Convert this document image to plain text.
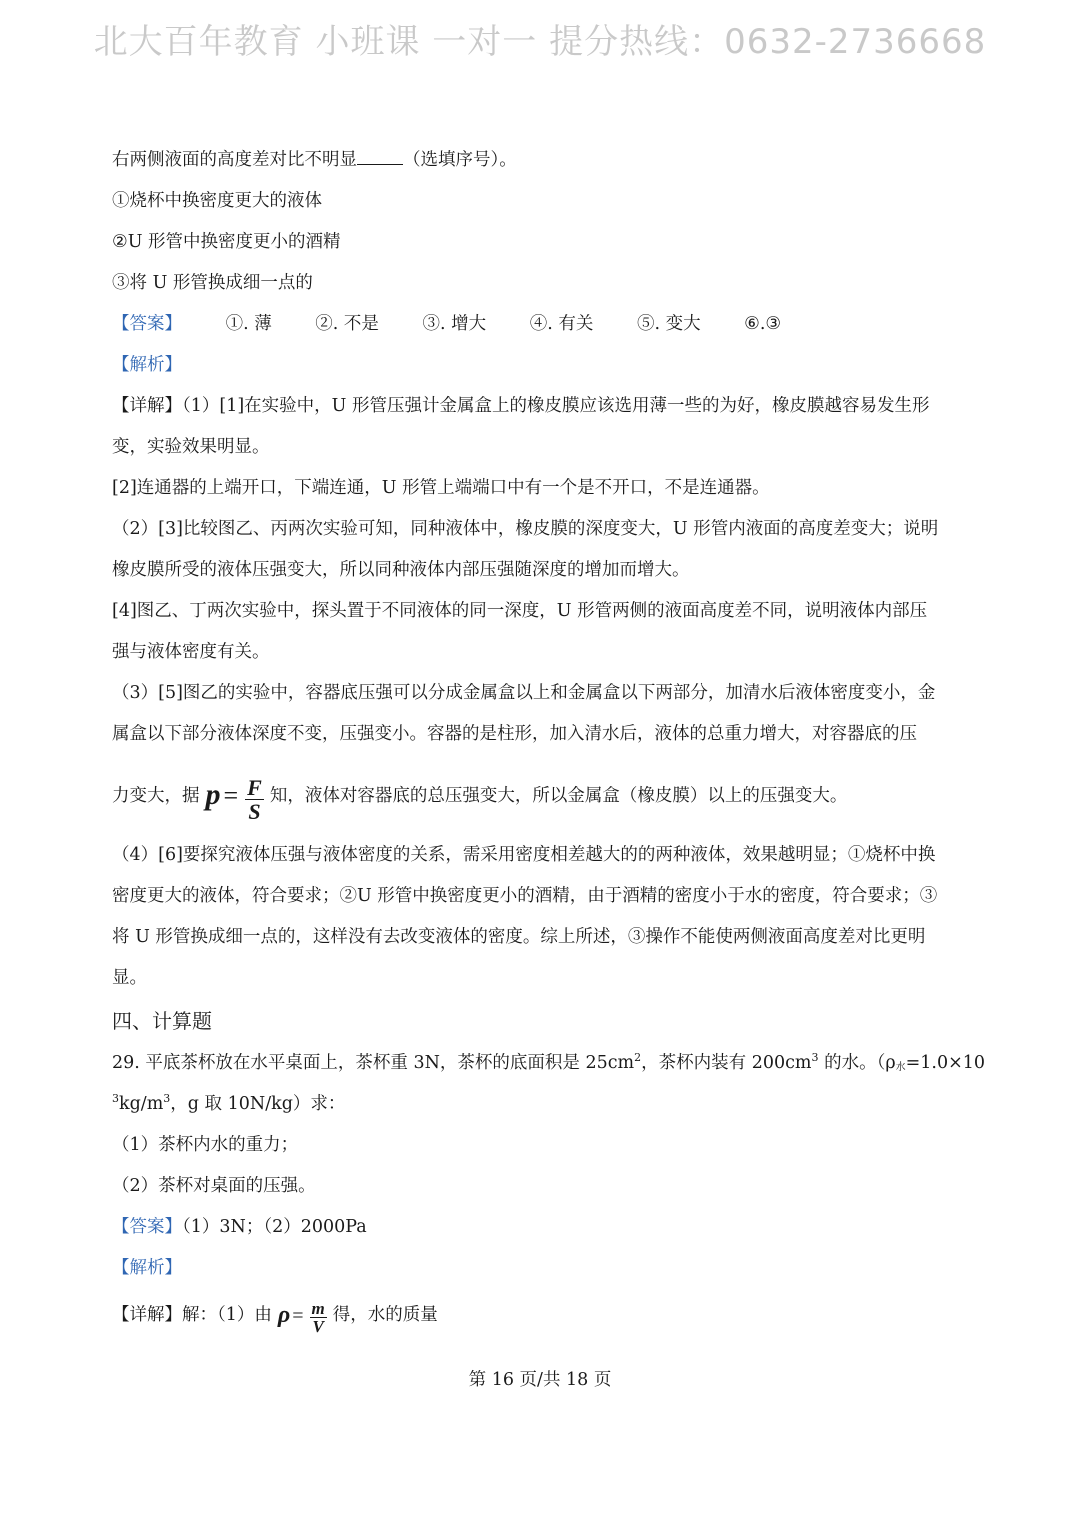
北大百年教育 小班课 一对一 提分热线：0632-2736668
右两侧液面的高度差对比不明显	（选填序号）。
①烧杯中换密度更大的液体
②U 形管中换密度更小的酒精
③将 U 形管换成细一点的
【答案】 ①. 薄 ②. 不是 ③. 增大 ④. 有关 ⑤. 变大 ⑥.③
【解析】
【详解】（1）[1]在实验中，U 形管压强计金属盒上的橡皮膜应该选用薄一些的为好，橡皮膜越容易发生形
变，实验效果明显。
[2]连通器的上端开口，下端连通，U 形管上端端口中有一个是不开口，不是连通器。
（2）[3]比较图乙、丙两次实验可知，同种液体中，橡皮膜的深度变大，U 形管内液面的高度差变大；说明
橡皮膜所受的液体压强变大，所以同种液体内部压强随深度的增加而增大。
[4]图乙、丁两次实验中，探头置于不同液体的同一深度，U 形管两侧的液面高度差不同，说明液体内部压
强与液体密度有关。
（3）[5]图乙的实验中，容器底压强可以分成金属盒以上和金属盒以下两部分，加清水后液体密度变小，金
属盒以下部分液体深度不变，压强变小。容器的是柱形，加入清水后，液体的总重力增大，对容器底的压
力变大，据 $p = \frac{F}{S}$ 知，液体对容器底的总压强变大，所以金属盒（橡皮膜）以上的压强变大。
（4）[6]要探究液体压强与液体密度的关系，需采用密度相差越大的的两种液体，效果越明显；①烧杯中换
密度更大的液体，符合要求；②U 形管中换密度更小的酒精，由于酒精的密度小于水的密度，符合要求；③
将 U 形管换成细一点的，这样没有去改变液体的密度。综上所述，③操作不能使两侧液面高度差对比更明
显。
四、计算题
29. 平底茶杯放在水平桌面上，茶杯重 3N，茶杯的底面积是 $25cm^2$，茶杯内装有 $200cm^3$ 的水。（$\rho_水=1.0\times 10$
$^3kg/m^3$，g 取 10N/kg）求：
（1）茶杯内水的重力；
（2）茶杯对桌面的压强。
【答案】（1）3N；（2）2000Pa
【解析】
【详解】解：（1）由 $\rho = \frac{m}{V}$ 得，水的质量
第 16 页/共 18 页
